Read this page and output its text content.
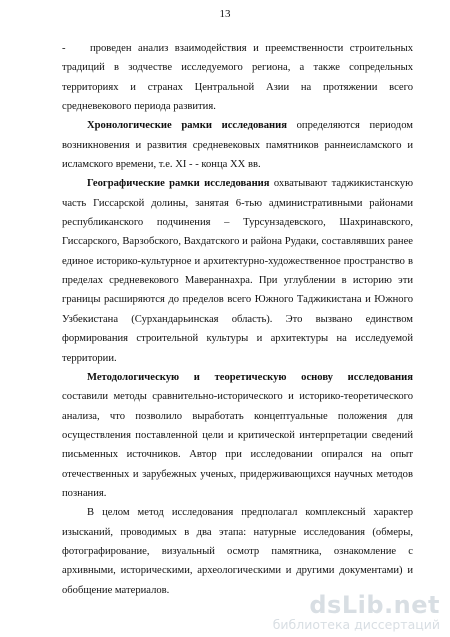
13

- проведен анализ взаимодействия и преемственности строительных традиций в зодчестве исследуемого региона, а также сопредельных территориях и странах Центральной Азии на протяжении всего средневекового периода развития.

Хронологические рамки исследования определяются периодом возникновения и развития средневековых памятников раннеисламского и исламского времени, т.е. XI - - конца XX вв.

Географические рамки исследования охватывают таджикистанскую часть Гиссарской долины, занятая 6-тью административными районами республиканского подчинения – Турсунзадевского, Шахринавского, Гиссарского, Варзобского, Вахдатского и района Рудаки, составлявших ранее единое историко-культурное и архитектурно-художественное пространство в пределах средневекового Мавераннахра. При углублении в историю эти границы расширяются до пределов всего Южного Таджикистана и Южного Узбекистана (Сурхандарьинская область). Это вызвано единством формирования строительной культуры и архитектуры на исследуемой территории.

Методологическую и теоретическую основу исследования составили методы сравнительно-исторического и историко-теоретического анализа, что позволило выработать концептуальные положения для осуществления поставленной цели и критической интерпретации сведений письменных источников. Автор при исследовании опирался на опыт отечественных и зарубежных ученых, придерживающихся научных методов познания.

В целом метод исследования предполагал комплексный характер изысканий, проводимых в два этапа: натурные исследования (обмеры, фотографирование, визуальный осмотр памятника, ознакомление с архивными, историческими, археологическими и другими документами) и обобщение материалов.

dsLib.net
библиотека диссертаций
